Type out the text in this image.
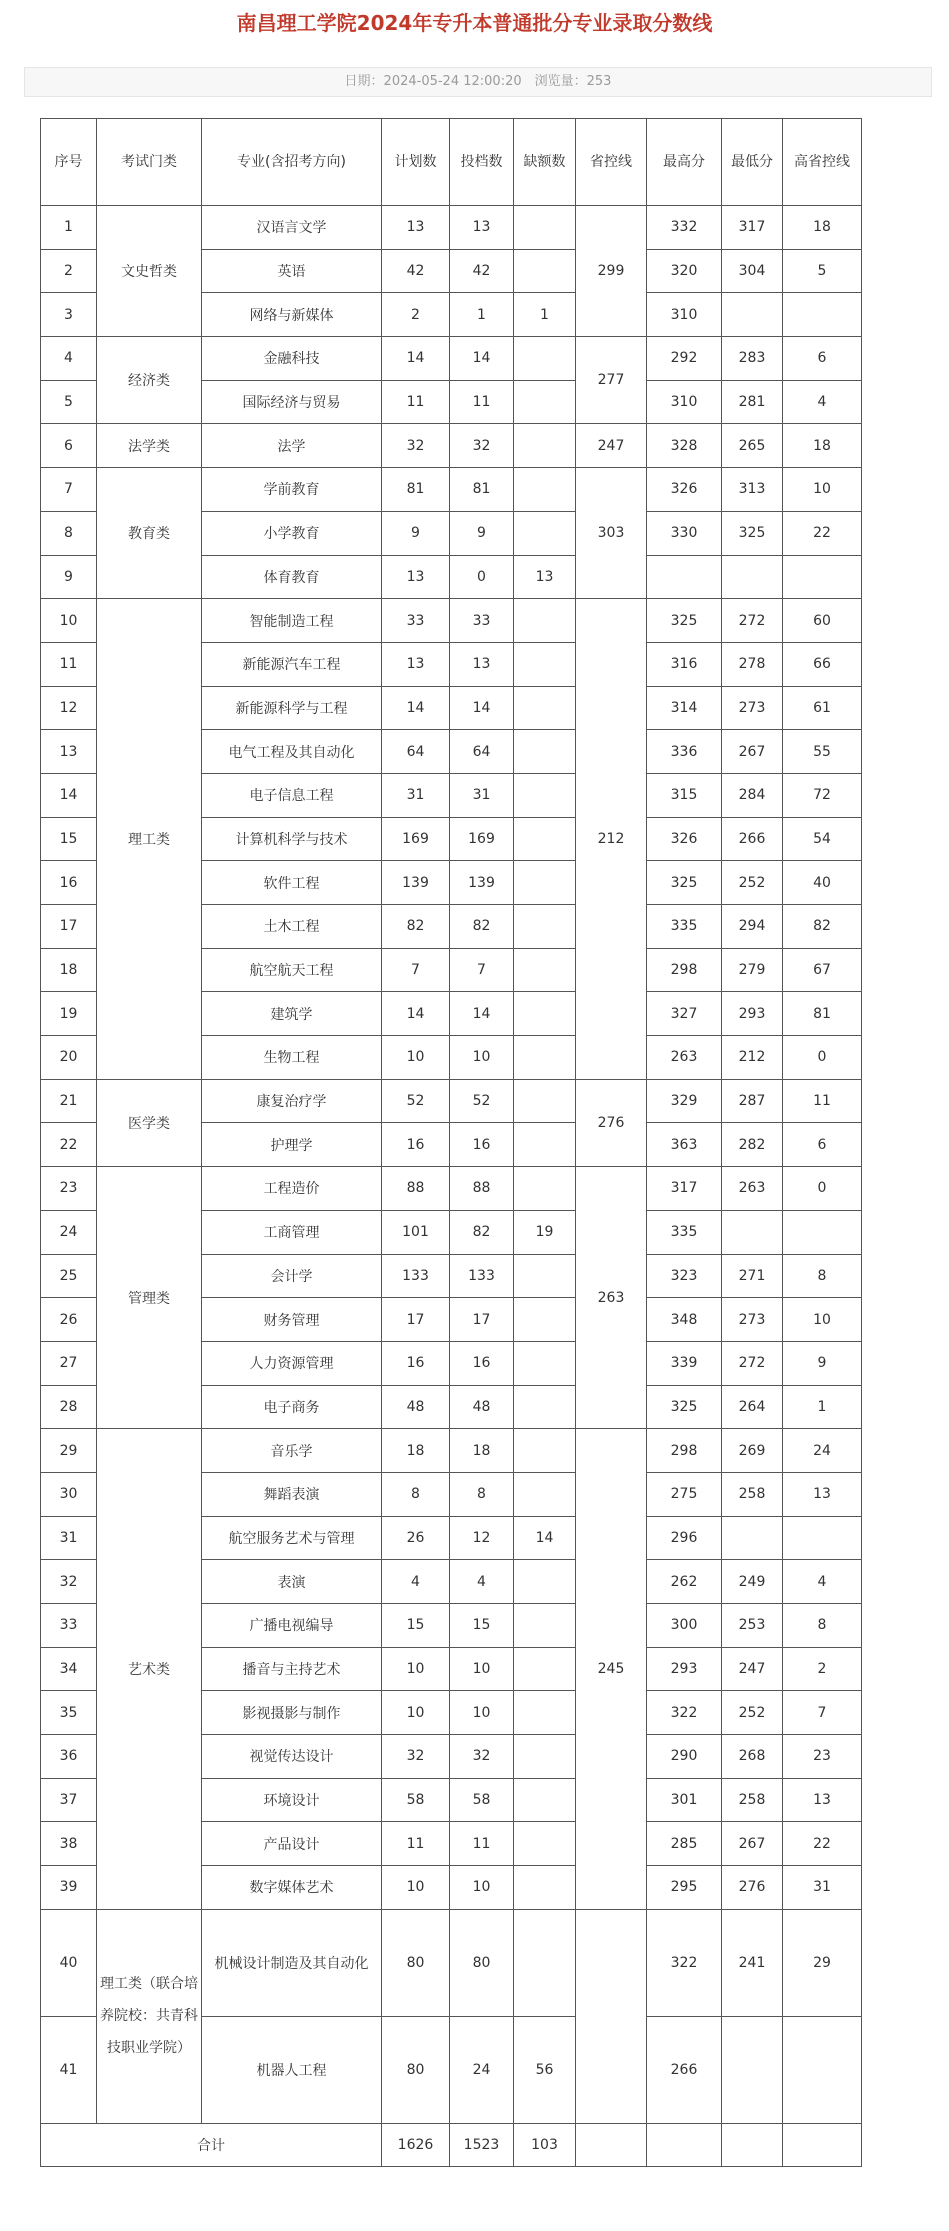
南昌理工学院2024年专升本普通批分专业录取分数线
日期：2024-05-24 12:00:20　浏览量：253
序号	考试门类	专业(含招考方向)	计划数	投档数	缺额数	省控线	最高分	最低分	高省控线
1	文史哲类	汉语言文学	13	13		299	332	317	18
2		英语	42	42			320	304	5
3		网络与新媒体	2	1	1		310		
4	经济类	金融科技	14	14		277	292	283	6
5		国际经济与贸易	11	11			310	281	4
6	法学类	法学	32	32		247	328	265	18
7	教育类	学前教育	81	81		303	326	313	10
8		小学教育	9	9			330	325	22
9		体育教育	13	0	13				
10	理工类	智能制造工程	33	33		212	325	272	60
11		新能源汽车工程	13	13			316	278	66
12		新能源科学与工程	14	14			314	273	61
13		电气工程及其自动化	64	64			336	267	55
14		电子信息工程	31	31			315	284	72
15		计算机科学与技术	169	169			326	266	54
16		软件工程	139	139			325	252	40
17		土木工程	82	82			335	294	82
18		航空航天工程	7	7			298	279	67
19		建筑学	14	14			327	293	81
20		生物工程	10	10			263	212	0
21	医学类	康复治疗学	52	52		276	329	287	11
22		护理学	16	16			363	282	6
23	管理类	工程造价	88	88		263	317	263	0
24		工商管理	101	82	19		335		
25		会计学	133	133			323	271	8
26		财务管理	17	17			348	273	10
27		人力资源管理	16	16			339	272	9
28		电子商务	48	48			325	264	1
29	艺术类	音乐学	18	18		245	298	269	24
30		舞蹈表演	8	8			275	258	13
31		航空服务艺术与管理	26	12	14		296		
32		表演	4	4			262	249	4
33		广播电视编导	15	15			300	253	8
34		播音与主持艺术	10	10			293	247	2
35		影视摄影与制作	10	10			322	252	7
36		视觉传达设计	32	32			290	268	23
37		环境设计	58	58			301	258	13
38		产品设计	11	11			285	267	22
39		数字媒体艺术	10	10			295	276	31
40	理工类（联合培养院校：共青科技职业学院）	机械设计制造及其自动化	80	80			322	241	29
41		机器人工程	80	24	56		266		
合计			1626	1523	103				
